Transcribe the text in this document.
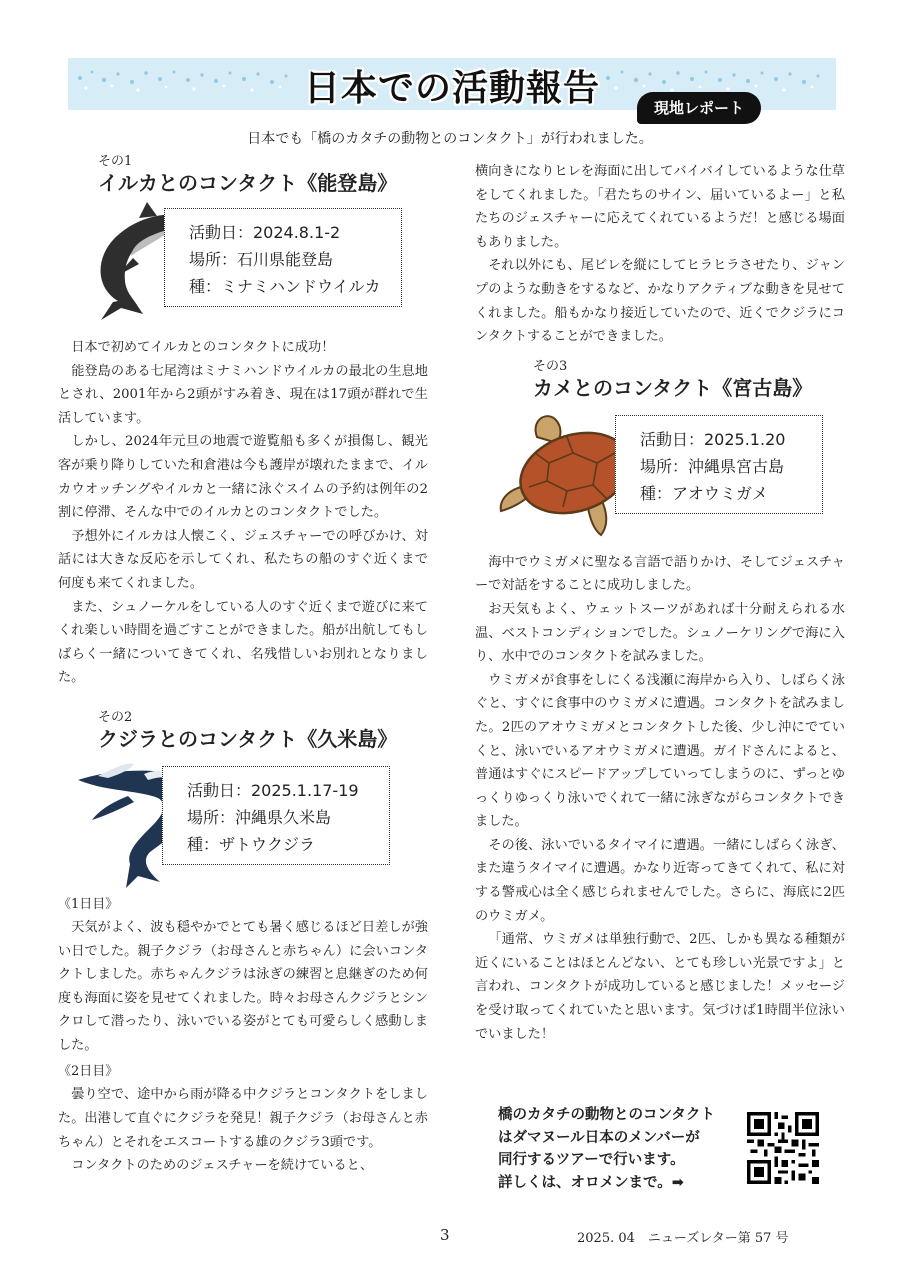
日本での活動報告	現地レポート
日本でも「橋のカタチの動物とのコンタクト」が行われました。
その1
イルカとのコンタクト《能登島》
活動日：2024.8.1-2
場所：石川県能登島
種：ミナミハンドウイルカ

日本で初めてイルカとのコンタクトに成功！

能登島のある七尾湾はミナミハンドウイルカの最北の生息地とされ、2001年から2頭がすみ着き、現在は17頭が群れで生活しています。

しかし、2024年元旦の地震で遊覧船も多くが損傷し、観光客が乗り降りしていた和倉港は今も護岸が壊れたままで、イルカウオッチングやイルカと一緒に泳ぐスイムの予約は例年の2割に停滞、そんな中でのイルカとのコンタクトでした。

予想外にイルカは人懐こく、ジェスチャーでの呼びかけ、対話には大きな反応を示してくれ、私たちの船のすぐ近くまで何度も来てくれました。

また、シュノーケルをしている人のすぐ近くまで遊びに来てくれ楽しい時間を過ごすことができました。船が出航してもしばらく一緒についてきてくれ、名残惜しいお別れとなりました。

その2
クジラとのコンタクト《久米島》
活動日：2025.1.17-19
場所：沖縄県久米島
種：ザトウクジラ
《1日目》

天気がよく、波も穏やかでとても暑く感じるほど日差しが強い日でした。親子クジラ（お母さんと赤ちゃん）に会いコンタクトしました。赤ちゃんクジラは泳ぎの練習と息継ぎのため何度も海面に姿を見せてくれました。時々お母さんクジラとシンクロして潜ったり、泳いでいる姿がとても可愛らしく感動しました。

《2日目》

曇り空で、途中から雨が降る中クジラとコンタクトをしました。出港して直ぐにクジラを発見！親子クジラ（お母さんと赤ちゃん）とそれをエスコートする雄のクジラ3頭です。

コンタクトのためのジェスチャーを続けていると、

横向きになりヒレを海面に出してバイバイしているような仕草をしてくれました。「君たちのサイン、届いているよー」と私たちのジェスチャーに応えてくれているようだ！と感じる場面もありました。

それ以外にも、尾ビレを縦にしてヒラヒラさせたり、ジャンプのような動きをするなど、かなりアクティブな動きを見せてくれました。船もかなり接近していたので、近くでクジラにコンタクトすることができました。

その3
カメとのコンタクト《宮古島》
活動日：2025.1.20
場所：沖縄県宮古島
種：アオウミガメ

海中でウミガメに聖なる言語で語りかけ、そしてジェスチャーで対話をすることに成功しました。

お天気もよく、ウェットスーツがあれば十分耐えられる水温、ベストコンディションでした。シュノーケリングで海に入り、水中でのコンタクトを試みました。

ウミガメが食事をしにくる浅瀬に海岸から入り、しばらく泳ぐと、すぐに食事中のウミガメに遭遇。コンタクトを試みました。2匹のアオウミガメとコンタクトした後、少し沖にでていくと、泳いでいるアオウミガメに遭遇。ガイドさんによると、普通はすぐにスピードアップしていってしまうのに、ずっとゆっくりゆっくり泳いでくれて一緒に泳ぎながらコンタクトできました。

その後、泳いでいるタイマイに遭遇。一緒にしばらく泳ぎ、また違うタイマイに遭遇。かなり近寄ってきてくれて、私に対する警戒心は全く感じられませんでした。さらに、海底に2匹のウミガメ。

「通常、ウミガメは単独行動で、2匹、しかも異なる種類が近くにいることはほとんどない、とても珍しい光景ですよ」と言われ、コンタクトが成功していると感じました！メッセージを受け取ってくれていたと思います。気づけば1時間半位泳いでいました！

橋のカタチの動物とのコンタクト
はダマヌール日本のメンバーが
同行するツアーで行います。
詳しくは、オロメンまで。➡
3	2025. 04　ニューズレター第 57 号
